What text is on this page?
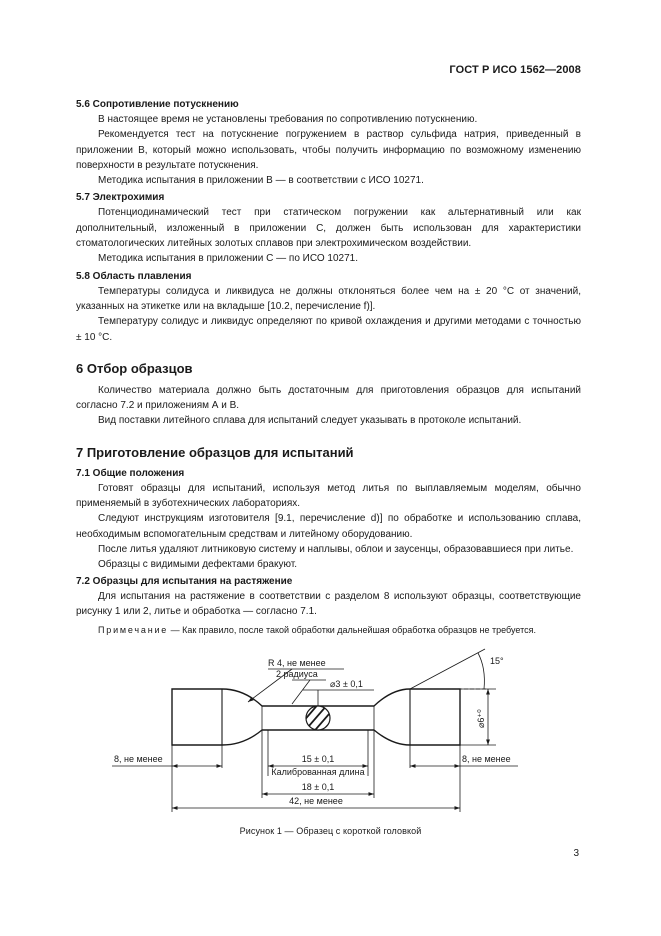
ГОСТ Р ИСО 1562—2008

5.6 Сопротивление потускнению

В настоящее время не установлены требования по сопротивлению потускнению.

Рекомендуется тест на потускнение погружением в раствор сульфида натрия, приведенный в приложении В, который можно использовать, чтобы получить информацию по возможному изменению поверхности в результате потускнения.

Методика испытания в приложении В — в соответствии с ИСО 10271.

5.7 Электрохимия

Потенциодинамический тест при статическом погружении как альтернативный или как дополнительный, изложенный в приложении С, должен быть использован для характеристики стоматологических литейных золотых сплавов при электрохимическом воздействии.

Методика испытания в приложении С — по ИСО 10271.

5.8 Область плавления

Температуры солидуса и ликвидуса не должны отклоняться более чем на ± 20 °С от значений, указанных на этикетке или на вкладыше [10.2, перечисление f)].

Температуру солидус и ликвидус определяют по кривой охлаждения и другими методами с точностью ± 10 °С.

6 Отбор образцов

Количество материала должно быть достаточным для приготовления образцов для испытаний согласно 7.2 и приложениям А и В.

Вид поставки литейного сплава для испытаний следует указывать в протоколе испытаний.

7 Приготовление образцов для испытаний

7.1 Общие положения

Готовят образцы для испытаний, используя метод литья по выплавляемым моделям, обычно применяемый в зуботехнических лабораториях.

Следуют инструкциям изготовителя [9.1, перечисление d)] по обработке и использованию сплава, необходимым вспомогательным средствам и литейному оборудованию.

После литья удаляют литниковую систему и наплывы, облои и заусенцы, образовавшиеся при литье.

Образцы с видимыми дефектами бракуют.

7.2 Образцы для испытания на растяжение

Для испытания на растяжение в соответствии с разделом 8 используют образцы, соответствующие рисунку 1 или 2, литье и обработка — согласно 7.1.

Примечание — Как правило, после такой обработки дальнейшая обработка образцов не требуется.

R 4, не менее
2 радиуса
⌀3 ± 0,1
15°
⌀6⁺⁰
8, не менее	8, не менее
15 ± 0,1
Калиброванная длина
18 ± 0,1
42, не менее
Рисунок 1 — Образец с короткой головкой
3
